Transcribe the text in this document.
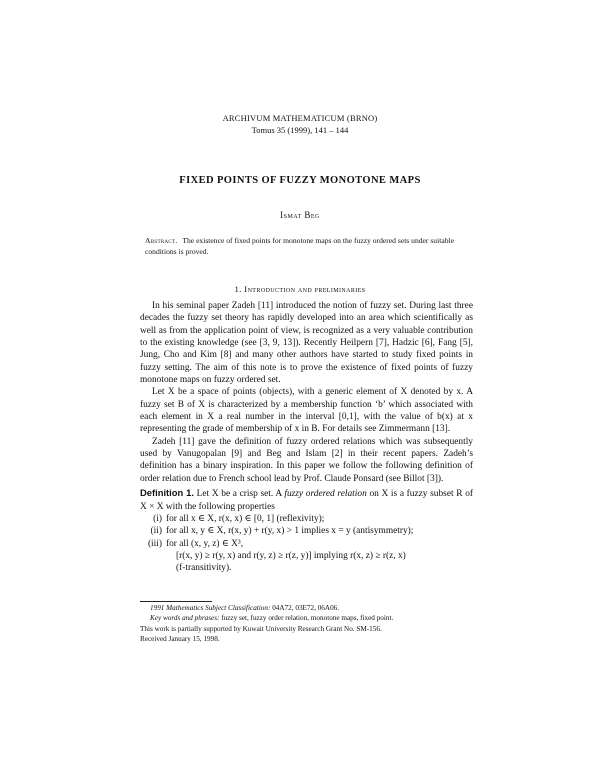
ARCHIVUM MATHEMATICUM (BRNO)
Tomus 35 (1999), 141 – 144
FIXED POINTS OF FUZZY MONOTONE MAPS
Ismat Beg
Abstract. The existence of fixed points for monotone maps on the fuzzy ordered sets under suitable conditions is proved.
1. Introduction and preliminaries

In his seminal paper Zadeh [11] introduced the notion of fuzzy set. During last three decades the fuzzy set theory has rapidly developed into an area which scientifically as well as from the application point of view, is recognized as a very valuable contribution to the existing knowledge (see [3, 9, 13]). Recently Heilpern [7], Hadzic [6], Fang [5], Jung, Cho and Kim [8] and many other authors have started to study fixed points in fuzzy setting. The aim of this note is to prove the existence of fixed points of fuzzy monotone maps on fuzzy ordered set.

Let X be a space of points (objects), with a generic element of X denoted by x. A fuzzy set B of X is characterized by a membership function ‘b’ which associated with each element in X a real number in the interval [0,1], with the value of b(x) at x representing the grade of membership of x in B. For details see Zimmermann [13].

Zadeh [11] gave the definition of fuzzy ordered relations which was subsequently used by Vanugopalan [9] and Beg and Islam [2] in their recent papers. Zadeh’s definition has a binary inspiration. In this paper we follow the following definition of order relation due to French school lead by Prof. Claude Ponsard (see Billot [3]).

Definition 1. Let X be a crisp set. A fuzzy ordered relation on X is a fuzzy subset R of X × X with the following properties

(i) for all x ∈ X, r(x, x) ∈ [0, 1] (reflexivity);
(ii) for all x, y ∈ X, r(x, y) + r(y, x) > 1 implies x = y (antisymmetry);
(iii) for all (x, y, z) ∈ X³,
[r(x, y) ≥ r(y, x) and r(y, z) ≥ r(z, y)] implying r(x, z) ≥ r(z, x)
(f-transitivity).
1991 Mathematics Subject Classification: 04A72, 03E72, 06A06.
Key words and phrases: fuzzy set, fuzzy order relation, monotone maps, fixed point.
This work is partially supported by Kuwait University Research Grant No. SM-156.
Received January 15, 1998.
